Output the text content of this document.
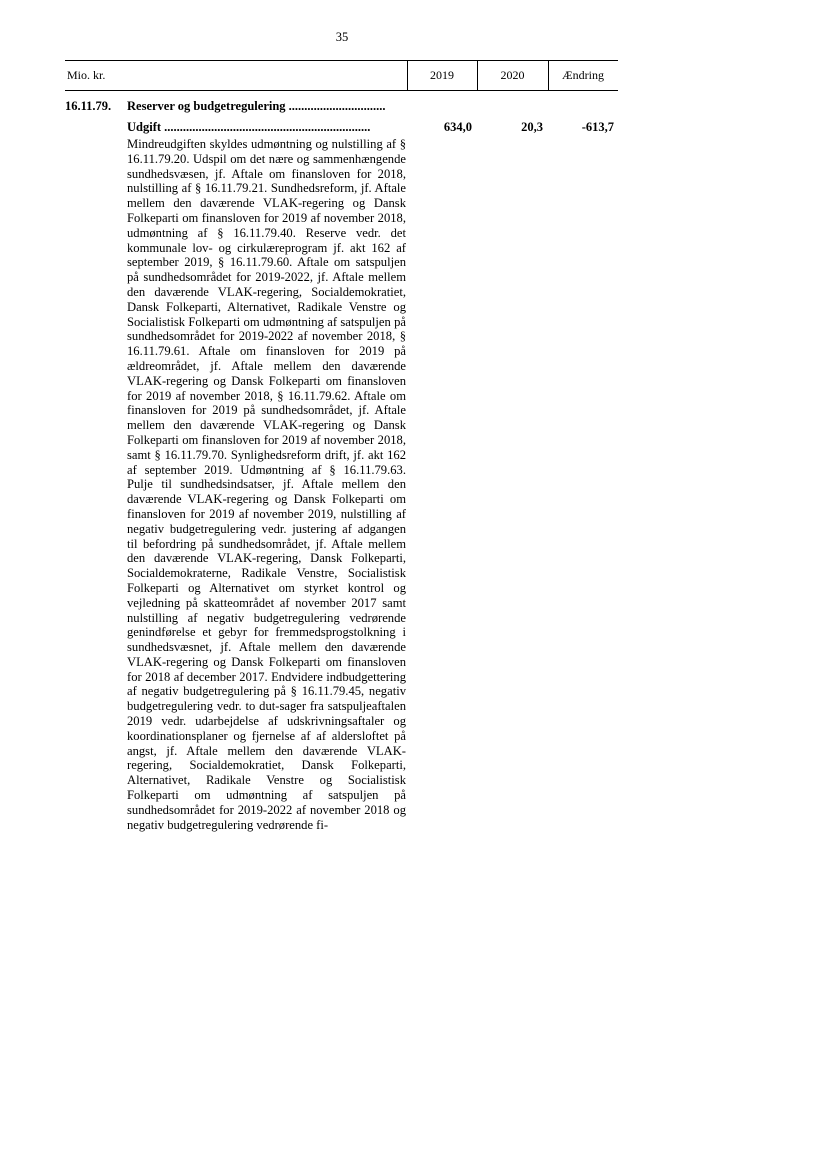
35
Mio. kr.	2019	2020	Ændring
16.11.79. Reserver og budgetregulering ...............................
Udgift ..................................................................	634,0	20,3	-613,7
Mindreudgiften skyldes udmøntning og nulstilling af § 16.11.79.20. Udspil om det nære og sammenhængende sundhedsvæsen, jf. Aftale om finansloven for 2018, nulstilling af § 16.11.79.21. Sundhedsreform, jf. Aftale mellem den daværende VLAK-regering og Dansk Folkeparti om finansloven for 2019 af november 2018, udmøntning af § 16.11.79.40. Reserve vedr. det kommunale lov- og cirkulæreprogram jf. akt 162 af september 2019, § 16.11.79.60. Aftale om satspuljen på sundhedsområdet for 2019-2022, jf. Aftale mellem den daværende VLAK-regering, Socialdemokratiet, Dansk Folkeparti, Alternativet, Radikale Venstre og Socialistisk Folkeparti om udmøntning af satspuljen på sundhedsområdet for 2019-2022 af november 2018, § 16.11.79.61. Aftale om finansloven for 2019 på ældreområdet, jf. Aftale mellem den daværende VLAK-regering og Dansk Folkeparti om finansloven for 2019 af november 2018, § 16.11.79.62. Aftale om finansloven for 2019 på sundhedsområdet, jf. Aftale mellem den daværende VLAK-regering og Dansk Folkeparti om finansloven for 2019 af november 2018, samt § 16.11.79.70. Synlighedsreform drift, jf. akt 162 af september 2019. Udmøntning af § 16.11.79.63. Pulje til sundhedsindsatser, jf. Aftale mellem den daværende VLAK-regering og Dansk Folkeparti om finansloven for 2019 af november 2019, nulstilling af negativ budgetregulering vedr. justering af adgangen til befordring på sundhedsområdet, jf. Aftale mellem den daværende VLAK-regering, Dansk Folkeparti, Socialdemokraterne, Radikale Venstre, Socialistisk Folkeparti og Alternativet om styrket kontrol og vejledning på skatteområdet af november 2017 samt nulstilling af negativ budgetregulering vedrørende genindførelse et gebyr for fremmedsprogstolkning i sundhedsvæsnet, jf. Aftale mellem den daværende VLAK-regering og Dansk Folkeparti om finansloven for 2018 af december 2017. Endvidere indbudgettering af negativ budgetregulering på § 16.11.79.45, negativ budgetregulering vedr. to dut-sager fra satspuljeaftalen 2019 vedr. udarbejdelse af udskrivningsaftaler og koordinationsplaner og fjernelse af af aldersloftet på angst, jf. Aftale mellem den daværende VLAK-regering, Socialdemokratiet, Dansk Folkeparti, Alternativet, Radikale Venstre og Socialistisk Folkeparti om udmøntning af satspuljen på sundhedsområdet for 2019-2022 af november 2018 og negativ budgetregulering vedrørende fi-
